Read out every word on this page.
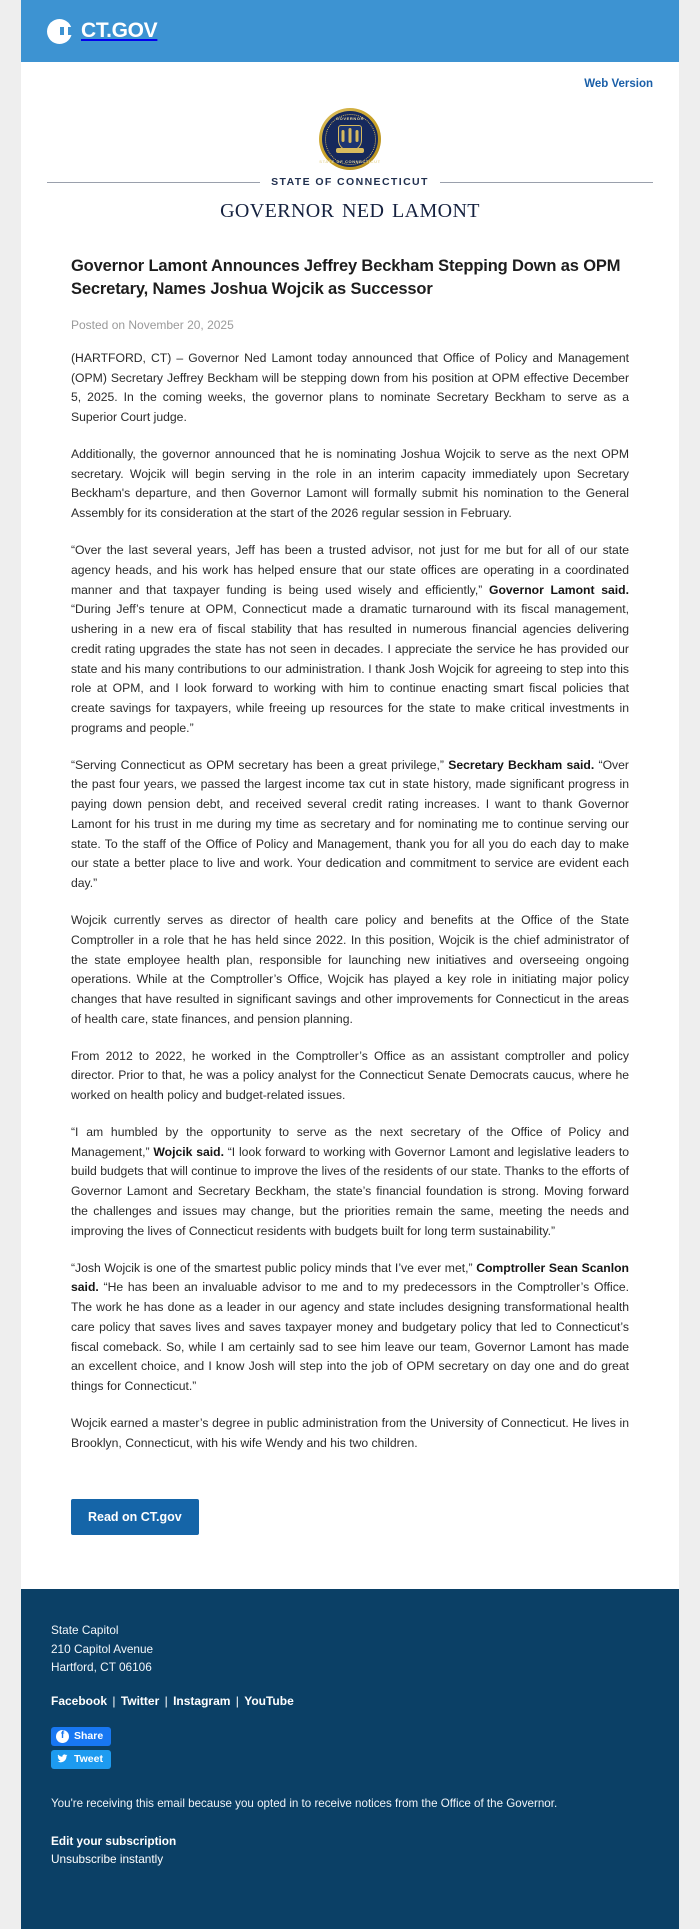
CT.GOV
Web Version
GOVERNOR
STATE OF CONNECTICUT
STATE OF CONNECTICUT
governor ned lamont
Governor Lamont Announces Jeffrey Beckham Stepping Down as OPM Secretary, Names Joshua Wojcik as Successor
Posted on November 20, 2025
(HARTFORD, CT) – Governor Ned Lamont today announced that Office of Policy and Management (OPM) Secretary Jeffrey Beckham will be stepping down from his position at OPM effective December 5, 2025. In the coming weeks, the governor plans to nominate Secretary Beckham to serve as a Superior Court judge.
Additionally, the governor announced that he is nominating Joshua Wojcik to serve as the next OPM secretary. Wojcik will begin serving in the role in an interim capacity immediately upon Secretary Beckham's departure, and then Governor Lamont will formally submit his nomination to the General Assembly for its consideration at the start of the 2026 regular session in February.
“Over the last several years, Jeff has been a trusted advisor, not just for me but for all of our state agency heads, and his work has helped ensure that our state offices are operating in a coordinated manner and that taxpayer funding is being used wisely and efficiently,” Governor Lamont said. “During Jeff’s tenure at OPM, Connecticut made a dramatic turnaround with its fiscal management, ushering in a new era of fiscal stability that has resulted in numerous financial agencies delivering credit rating upgrades the state has not seen in decades. I appreciate the service he has provided our state and his many contributions to our administration. I thank Josh Wojcik for agreeing to step into this role at OPM, and I look forward to working with him to continue enacting smart fiscal policies that create savings for taxpayers, while freeing up resources for the state to make critical investments in programs and people.”
“Serving Connecticut as OPM secretary has been a great privilege,” Secretary Beckham said. “Over the past four years, we passed the largest income tax cut in state history, made significant progress in paying down pension debt, and received several credit rating increases. I want to thank Governor Lamont for his trust in me during my time as secretary and for nominating me to continue serving our state. To the staff of the Office of Policy and Management, thank you for all you do each day to make our state a better place to live and work. Your dedication and commitment to service are evident each day.”
Wojcik currently serves as director of health care policy and benefits at the Office of the State Comptroller in a role that he has held since 2022. In this position, Wojcik is the chief administrator of the state employee health plan, responsible for launching new initiatives and overseeing ongoing operations. While at the Comptroller’s Office, Wojcik has played a key role in initiating major policy changes that have resulted in significant savings and other improvements for Connecticut in the areas of health care, state finances, and pension planning.
From 2012 to 2022, he worked in the Comptroller’s Office as an assistant comptroller and policy director. Prior to that, he was a policy analyst for the Connecticut Senate Democrats caucus, where he worked on health policy and budget-related issues.
“I am humbled by the opportunity to serve as the next secretary of the Office of Policy and Management,” Wojcik said. “I look forward to working with Governor Lamont and legislative leaders to build budgets that will continue to improve the lives of the residents of our state. Thanks to the efforts of Governor Lamont and Secretary Beckham, the state’s financial foundation is strong. Moving forward the challenges and issues may change, but the priorities remain the same, meeting the needs and improving the lives of Connecticut residents with budgets built for long term sustainability.”
“Josh Wojcik is one of the smartest public policy minds that I’ve ever met,” Comptroller Sean Scanlon said. “He has been an invaluable advisor to me and to my predecessors in the Comptroller’s Office. The work he has done as a leader in our agency and state includes designing transformational health care policy that saves lives and saves taxpayer money and budgetary policy that led to Connecticut’s fiscal comeback. So, while I am certainly sad to see him leave our team, Governor Lamont has made an excellent choice, and I know Josh will step into the job of OPM secretary on day one and do great things for Connecticut.”
Wojcik earned a master’s degree in public administration from the University of Connecticut. He lives in Brooklyn, Connecticut, with his wife Wendy and his two children.
Read on CT.gov
State Capitol
210 Capitol Avenue
Hartford, CT 06106
Facebook | Twitter | Instagram | YouTube
f Share

Tweet
You're receiving this email because you opted in to receive notices from the Office of the Governor.
Edit your subscription
Unsubscribe instantly
